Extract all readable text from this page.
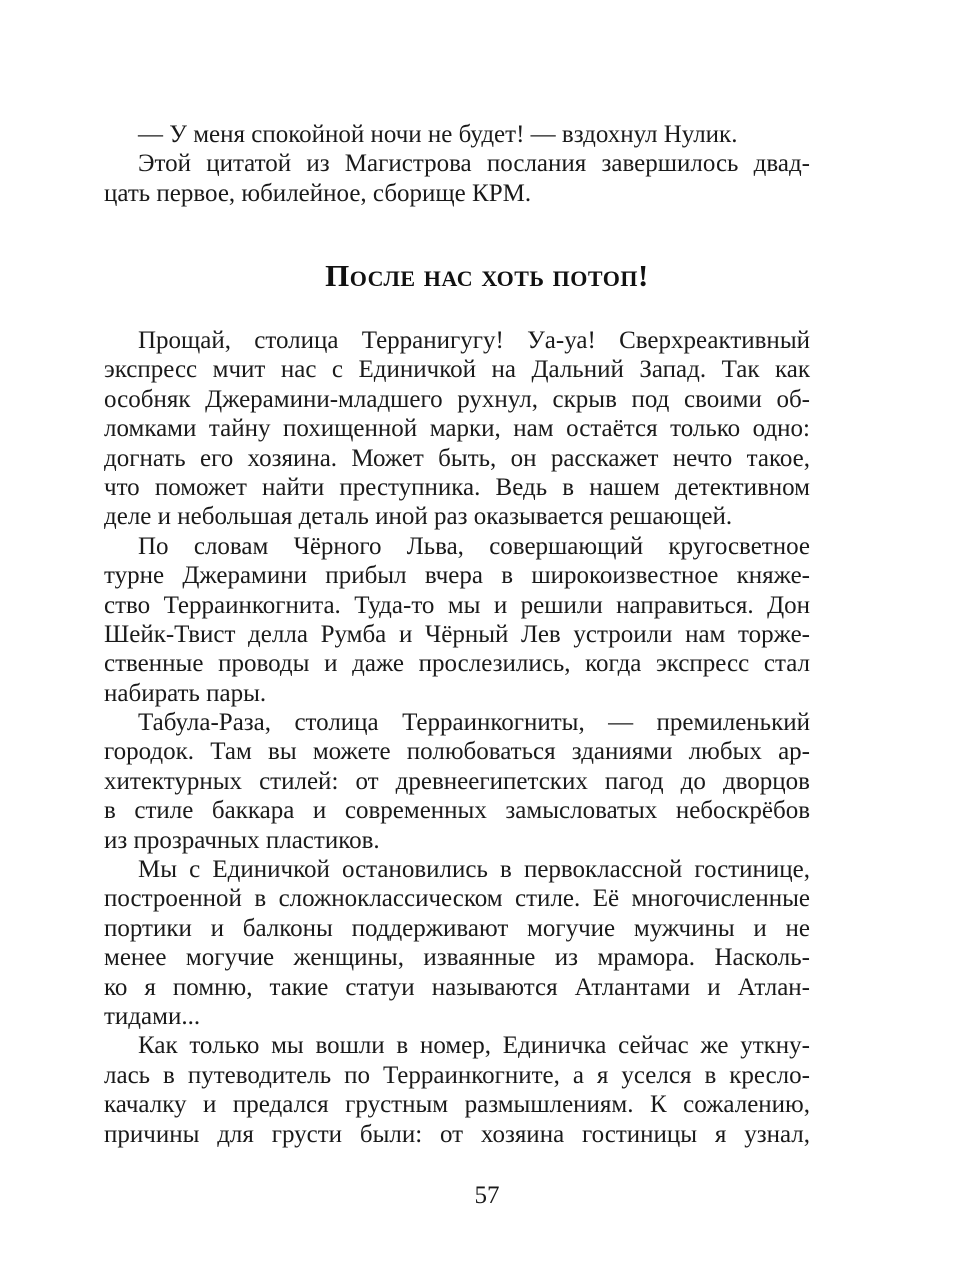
— У меня спокойной ночи не будет! — вздохнул Нулик.
Этой цитатой из Магистрова послания завершилось двад-
цать первое, юбилейное, сборище КРМ.
После нас хоть потоп!
Прощай, столица Терранигугу! Уа-уа! Сверхреактивный
экспресс мчит нас с Единичкой на Дальний Запад. Так как
особняк Джерамини-младшего рухнул, скрыв под своими об-
ломками тайну похищенной марки, нам остаётся только одно:
догнать его хозяина. Может быть, он расскажет нечто такое,
что поможет найти преступника. Ведь в нашем детективном
деле и небольшая деталь иной раз оказывается решающей.
По словам Чёрного Льва, совершающий кругосветное
турне Джерамини прибыл вчера в широкоизвестное княже-
ство Терраинкогнита. Туда-то мы и решили направиться. Дон
Шейк-Твист делла Румба и Чёрный Лев устроили нам торже-
ственные проводы и даже прослезились, когда экспресс стал
набирать пары.
Табула-Раза, столица Терраинкогниты, — премиленький
городок. Там вы можете полюбоваться зданиями любых ар-
хитектурных стилей: от древнеегипетских пагод до дворцов
в стиле баккара и современных замысловатых небоскрёбов
из прозрачных пластиков.
Мы с Единичкой остановились в первоклассной гостинице,
построенной в сложноклассическом стиле. Её многочисленные
портики и балконы поддерживают могучие мужчины и не
менее могучие женщины, изваянные из мрамора. Насколь-
ко я помню, такие статуи называются Атлантами и Атлан-
тидами...
Как только мы вошли в номер, Единичка сейчас же уткну-
лась в путеводитель по Терраинкогните, а я уселся в кресло-
качалку и предался грустным размышлениям. К сожалению,
причины для грусти были: от хозяина гостиницы я узнал,
57
